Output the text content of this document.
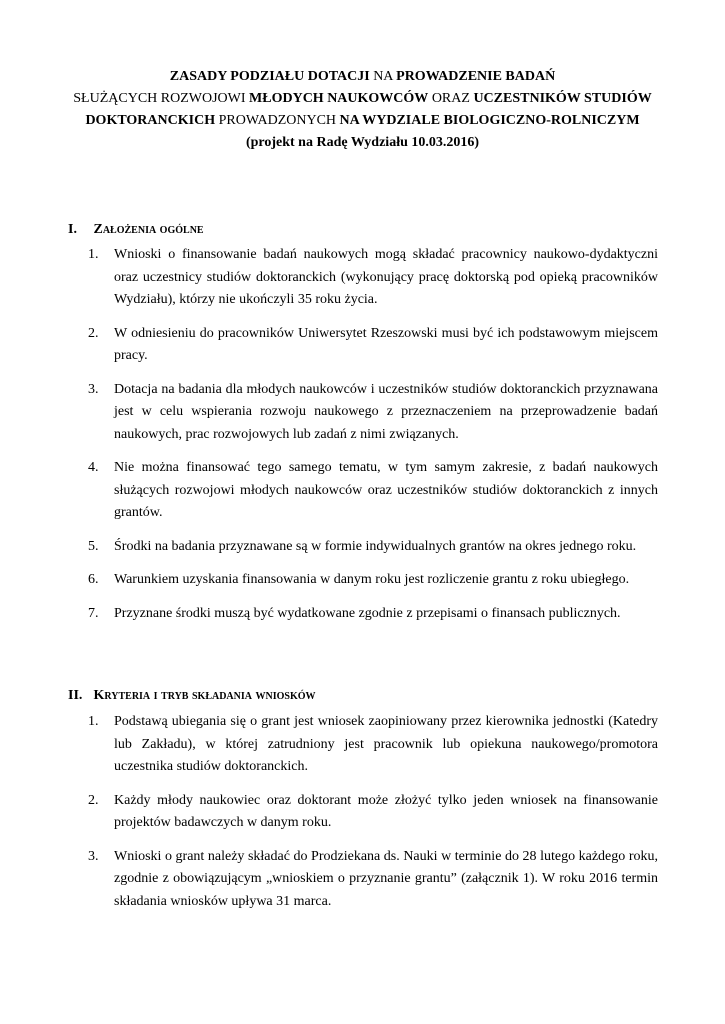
ZASADY PODZIAŁU DOTACJI NA PROWADZENIE BADAŃ
SŁUŻĄCYCH ROZWOJOWI MŁODYCH NAUKOWCÓW ORAZ UCZESTNIKÓW STUDIÓW
DOKTORANCKICH PROWADZONYCH NA WYDZIALE BIOLOGICZNO-ROLNICZYM
(projekt na Radę Wydziału 10.03.2016)
I. Założenia ogólne
1. Wnioski o finansowanie badań naukowych mogą składać pracownicy naukowo-dydaktyczni oraz uczestnicy studiów doktoranckich (wykonujący pracę doktorską pod opieką pracowników Wydziału), którzy nie ukończyli 35 roku życia.
2. W odniesieniu do pracowników Uniwersytet Rzeszowski musi być ich podstawowym miejscem pracy.
3. Dotacja na badania dla młodych naukowców i uczestników studiów doktoranckich przyznawana jest w celu wspierania rozwoju naukowego z przeznaczeniem na przeprowadzenie badań naukowych, prac rozwojowych lub zadań z nimi związanych.
4. Nie można finansować tego samego tematu, w tym samym zakresie, z badań naukowych służących rozwojowi młodych naukowców oraz uczestników studiów doktoranckich z innych grantów.
5. Środki na badania przyznawane są w formie indywidualnych grantów na okres jednego roku.
6. Warunkiem uzyskania finansowania w danym roku jest rozliczenie grantu z roku ubiegłego.
7. Przyznane środki muszą być wydatkowane zgodnie z przepisami o finansach publicznych.
II. Kryteria i tryb składania wniosków
1. Podstawą ubiegania się o grant jest wniosek zaopiniowany przez kierownika jednostki (Katedry lub Zakładu), w której zatrudniony jest pracownik lub opiekuna naukowego/promotora uczestnika studiów doktoranckich.
2. Każdy młody naukowiec oraz doktorant może złożyć tylko jeden wniosek na finansowanie projektów badawczych w danym roku.
3. Wnioski o grant należy składać do Prodziekana ds. Nauki w terminie do 28 lutego każdego roku, zgodnie z obowiązującym „wnioskiem o przyznanie grantu” (załącznik 1). W roku 2016 termin składania wniosków upływa 31 marca.
